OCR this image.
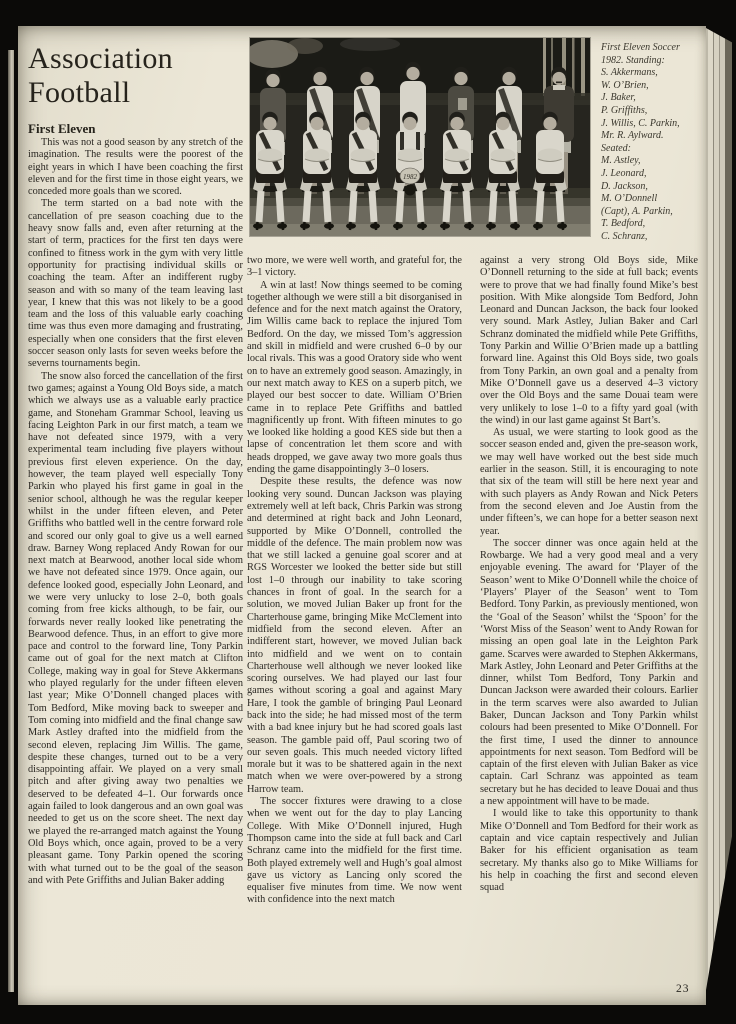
Association
Football
First Eleven
1982
First Eleven Soccer
1982. Standing:
S. Akkermans,
W. O’Brien,
J. Baker,
P. Griffiths,
J. Willis, C. Parkin,
Mr. R. Aylward.
Seated:
M. Astley,
J. Leonard,
D. Jackson,
M. O’Donnell
(Capt), A. Parkin,
T. Bedford,
C. Schranz,

This was not a good season by any stretch of the imagination. The results were the poorest of the eight years in which I have been coaching the first eleven and for the first time in those eight years, we conceded more goals than we scored.

The term started on a bad note with the cancellation of pre season coaching due to the heavy snow falls and, even after returning at the start of term, practices for the first ten days were confined to fitness work in the gym with very little opportunity for practising individual skills or coaching the team. After an indifferent rugby season and with so many of the team leaving last year, I knew that this was not likely to be a good team and the loss of this valuable early coaching time was thus even more damaging and frustrating, especially when one considers that the first eleven soccer season only lasts for seven weeks before the severns tournaments begin.

The snow also forced the cancellation of the first two games; against a Young Old Boys side, a match which we always use as a valuable early practice game, and Stoneham Grammar School, leaving us facing Leighton Park in our first match, a team we have not defeated since 1979, with a very experimental team including five players without previous first eleven experience. On the day, however, the team played well especially Tony Parkin who played his first game in goal in the senior school, although he was the regular keeper whilst in the under fifteen eleven, and Peter Griffiths who battled well in the centre forward role and scored our only goal to give us a well earned draw. Barney Wong replaced Andy Rowan for our next match at Bearwood, another local side whom we have not defeated since 1979. Once again, our defence looked good, especially John Leonard, and we were very unlucky to lose 2–0, both goals coming from free kicks although, to be fair, our forwards never really looked like penetrating the Bearwood defence. Thus, in an effort to give more pace and control to the forward line, Tony Parkin came out of goal for the next match at Clifton College, making way in goal for Steve Akkermans who played regularly for the under fifteen eleven last year; Mike O’Donnell changed places with Tom Bedford, Mike moving back to sweeper and Tom coming into midfield and the final change saw Mark Astley drafted into the midfield from the second eleven, replacing Jim Willis. The game, despite these changes, turned out to be a very disappointing affair. We played on a very small pitch and after giving away two penalties we deserved to be defeated 4–1. Our forwards once again failed to look dangerous and an own goal was needed to get us on the score sheet. The next day we played the re-arranged match against the Young Old Boys which, once again, proved to be a very pleasant game. Tony Parkin opened the scoring with what turned out to be the goal of the season and with Pete Griffiths and Julian Baker adding

two more, we were well worth, and grateful for, the 3–1 victory.

A win at last! Now things seemed to be coming together although we were still a bit disorganised in defence and for the next match against the Oratory, Jim Willis came back to replace the injured Tom Bedford. On the day, we missed Tom’s aggression and skill in midfield and were crushed 6–0 by our local rivals. This was a good Oratory side who went on to have an extremely good season. Amazingly, in our next match away to KES on a superb pitch, we played our best soccer to date. William O’Brien came in to replace Pete Griffiths and battled magnificently up front. With fifteen minutes to go we looked like holding a good KES side but then a lapse of concentration let them score and with heads dropped, we gave away two more goals thus ending the game disappointingly 3–0 losers.

Despite these results, the defence was now looking very sound. Duncan Jackson was playing extremely well at left back, Chris Parkin was strong and determined at right back and John Leonard, supported by Mike O’Donnell, controlled the middle of the defence. The main problem now was that we still lacked a genuine goal scorer and at RGS Worcester we looked the better side but still lost 1–0 through our inability to take scoring chances in front of goal. In the search for a solution, we moved Julian Baker up front for the Charterhouse game, bringing Mike McClement into midfield from the second eleven. After an indifferent start, however, we moved Julian back into midfield and we went on to contain Charterhouse well although we never looked like scoring ourselves. We had played our last four games without scoring a goal and against Mary Hare, I took the gamble of bringing Paul Leonard back into the side; he had missed most of the term with a bad knee injury but he had scored goals last season. The gamble paid off, Paul scoring two of our seven goals. This much needed victory lifted morale but it was to be shattered again in the next match when we were over-powered by a strong Harrow team.

The soccer fixtures were drawing to a close when we went out for the day to play Lancing College. With Mike O’Donnell injured, Hugh Thompson came into the side at full back and Carl Schranz came into the midfield for the first time. Both played extremely well and Hugh’s goal almost gave us victory as Lancing only scored the equaliser five minutes from time. We now went with confidence into the next match

against a very strong Old Boys side, Mike O’Donnell returning to the side at full back; events were to prove that we had finally found Mike’s best position. With Mike alongside Tom Bedford, John Leonard and Duncan Jackson, the back four looked very sound. Mark Astley, Julian Baker and Carl Schranz dominated the midfield while Pete Griffiths, Tony Parkin and Willie O’Brien made up a battling forward line. Against this Old Boys side, two goals from Tony Parkin, an own goal and a penalty from Mike O’Donnell gave us a deserved 4–3 victory over the Old Boys and the same Douai team were very unlikely to lose 1–0 to a fifty yard goal (with the wind) in our last game against St Bart’s.

As usual, we were starting to look good as the soccer season ended and, given the pre-season work, we may well have worked out the best side much earlier in the season. Still, it is encouraging to note that six of the team will still be here next year and with such players as Andy Rowan and Nick Peters from the second eleven and Joe Austin from the under fifteen’s, we can hope for a better season next year.

The soccer dinner was once again held at the Rowbarge. We had a very good meal and a very enjoyable evening. The award for ‘Player of the Season’ went to Mike O’Donnell while the choice of ‘Players’ Player of the Season’ went to Tom Bedford. Tony Parkin, as previously mentioned, won the ‘Goal of the Season’ whilst the ‘Spoon’ for the ‘Worst Miss of the Season’ went to Andy Rowan for missing an open goal late in the Leighton Park game. Scarves were awarded to Stephen Akkermans, Mark Astley, John Leonard and Peter Griffiths at the dinner, whilst Tom Bedford, Tony Parkin and Duncan Jackson were awarded their colours. Earlier in the term scarves were also awarded to Julian Baker, Duncan Jackson and Tony Parkin whilst colours had been presented to Mike O’Donnell. For the first time, I used the dinner to announce appointments for next season. Tom Bedford will be captain of the first eleven with Julian Baker as vice captain. Carl Schranz was appointed as team secretary but he has decided to leave Douai and thus a new appointment will have to be made.

I would like to take this opportunity to thank Mike O’Donnell and Tom Bedford for their work as captain and vice captain respectively and Julian Baker for his efficient organisation as team secretary. My thanks also go to Mike Williams for his help in coaching the first and second eleven squad

23
